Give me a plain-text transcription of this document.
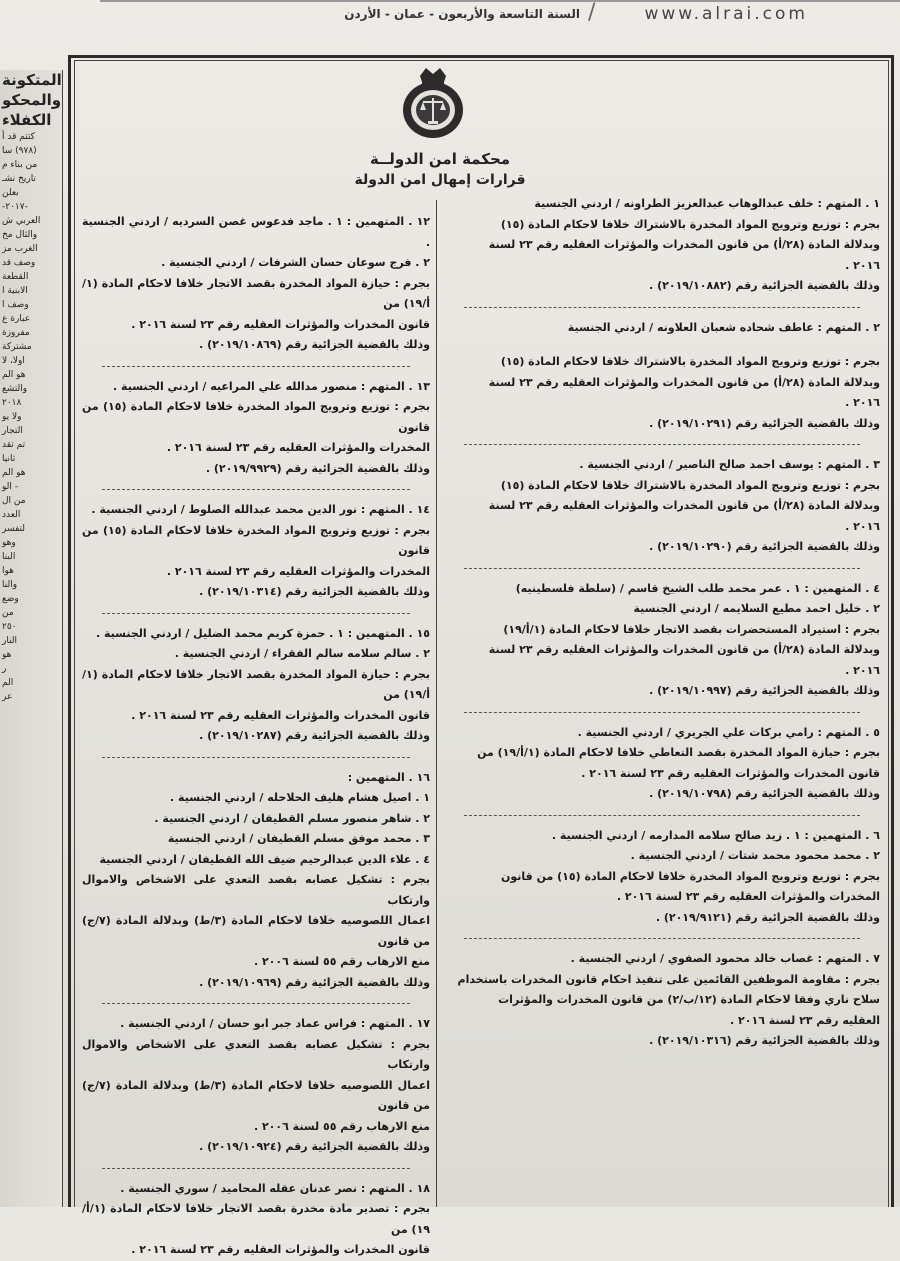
www.alrai.com
/
السنة التاسعة والأربعون - عمان - الأردن
المتكونة
والمحكو
الكفلاء
كتتم قد أ
(٩٧٨) سا
من بناء م
تاريخ نشـ
بعلن
-٢٠١٧-
العربي ش
والثال مخ
الغرب مز
وصف قد
القطعة
الابنية ا
وصف ا
عبارة ع
مفروزة
مشتركة
اولا، لا
هو الم
والتشع
٢٠١٨
ولا يو
التجار
تم تقد
ثانيا
هو الم
- الو
من ال
العدد
لتفسر
وهو
البنا
هوا
والنا
وضع
من
٢٥٠
النار
هو
ر
الم
عر
محكمة امن الدولــة
قرارات إمهال امن الدولة

١ . المتهم : خلف عبدالوهاب عبدالعزيز الطراونه / اردني الجنسية

بجرم : توزيع وترويج المواد المخدرة بالاشتراك خلافا لاحكام المادة (١٥)

وبدلالة المادة (٢٨/أ) من قانون المخدرات والمؤثرات العقليه رقم ٢٣ لسنة

٢٠١٦ .

وذلك بالقضية الجزائية رقم (٢٠١٩/١٠٨٨٢) .

٢ . المتهم : عاطف شحاده شعبان العلاونه / اردني الجنسية

بجرم : توزيع وترويج المواد المخدرة بالاشتراك خلافا لاحكام المادة (١٥)

وبدلالة المادة (٢٨/أ) من قانون المخدرات والمؤثرات العقليه رقم ٢٣ لسنة

٢٠١٦ .

وذلك بالقضية الجزائية رقم (٢٠١٩/١٠٢٩١) .

٣ . المتهم : يوسف احمد صالح الناصير / اردني الجنسية .

بجرم : توزيع وترويج المواد المخدرة بالاشتراك خلافا لاحكام المادة (١٥)

وبدلالة المادة (٢٨/أ) من قانون المخدرات والمؤثرات العقليه رقم ٢٣ لسنة

٢٠١٦ .

وذلك بالقضية الجزائية رقم (٢٠١٩/١٠٢٩٠) .

٤ . المتهمين : ١ . عمر محمد طلب الشيخ قاسم / (سلطة فلسطينيه)

٢ . خليل احمد مطيع السلايمه / اردني الجنسية

بجرم : استيراد المستحضرات بقصد الاتجار خلافا لاحكام المادة (١/أ/١٩)

وبدلالة المادة (٢٨/أ) من قانون المخدرات والمؤثرات العقليه رقم ٢٣ لسنة

٢٠١٦ .

وذلك بالقضية الجزائية رقم (٢٠١٩/١٠٩٩٧) .

٥ . المتهم : رامي بركات علي الجريري / اردني الجنسية .

بجرم : حيازة المواد المخدرة بقصد التعاطي خلافا لاحكام المادة (١/أ/١٩) من

قانون المخدرات والمؤثرات العقليه رقم ٢٣ لسنة ٢٠١٦ .

وذلك بالقضية الجزائية رقم (٢٠١٩/١٠٧٩٨) .

٦ . المتهمين : ١ . زيد صالح سلامه المدارمه / اردني الجنسية .

٢ . محمد محمود محمد شتات / اردني الجنسية .

بجرم : توزيع وترويج المواد المخدرة خلافا لاحكام المادة (١٥) من قانون

المخدرات والمؤثرات العقليه رقم ٢٣ لسنة ٢٠١٦ .

وذلك بالقضية الجزائية رقم (٢٠١٩/٩١٢١) .

٧ . المتهم : غصاب خالد محمود الصفوي / اردني الجنسية .

بجرم : مقاومة الموظفين القائمين على تنفيذ احكام قانون المخدرات باستخدام

سلاح ناري وفقا لاحكام المادة (١٢/ب/٢) من قانون المخدرات والمؤثرات

العقليه رقم ٢٣ لسنة ٢٠١٦ .

وذلك بالقضية الجزائية رقم (٢٠١٩/١٠٣١٦) .

١٢ . المتهمين : ١ . ماجد فدعوس غصن السرديه / اردني الجنسية .

٢ . فرج سوعان حسان الشرفات / اردني الجنسية .

بجرم : حيازة المواد المخدرة بقصد الاتجار خلافا لاحكام المادة (١/أ/١٩) من

قانون المخدرات والمؤثرات العقليه رقم ٢٣ لسنة ٢٠١٦ .

وذلك بالقضية الجزائية رقم (٢٠١٩/١٠٨٦٩) .

١٣ . المتهم : منصور مدالله علي المراعيه / اردني الجنسية .

بجرم : توزيع وترويج المواد المخدرة خلافا لاحكام المادة (١٥) من قانون

المخدرات والمؤثرات العقليه رقم ٢٣ لسنة ٢٠١٦ .

وذلك بالقضية الجزائية رقم (٢٠١٩/٩٩٢٩) .

١٤ . المتهم : نور الدين محمد عبدالله الصلوط / اردني الجنسية .

بجرم : توزيع وترويج المواد المخدرة خلافا لاحكام المادة (١٥) من قانون

المخدرات والمؤثرات العقليه رقم ٢٣ لسنة ٢٠١٦ .

وذلك بالقضية الجزائية رقم (٢٠١٩/١٠٣١٤) .

١٥ . المتهمين : ١ . حمزة كريم محمد الضليل / اردني الجنسية .

٢ . سالم سلامه سالم الفقراء / اردني الجنسية .

بجرم : حيازة المواد المخدرة بقصد الاتجار خلافا لاحكام المادة (١/أ/١٩) من

قانون المخدرات والمؤثرات العقليه رقم ٢٣ لسنة ٢٠١٦ .

وذلك بالقضية الجزائية رقم (٢٠١٩/١٠٢٨٧) .

١٦ . المتهمين :

١ . اصيل هشام هليف الحلاحله / اردني الجنسية .

٢ . شاهر منصور مسلم القطيفان / اردني الجنسية .

٣ . محمد موفق مسلم القطيفان / اردني الجنسية

٤ . علاء الدين عبدالرحيم ضيف الله القطيفان / اردني الجنسية

بجرم : تشكيل عصابه بقصد التعدي على الاشخاص والاموال وارتكاب

اعمال اللصوصيه خلافا لاحكام المادة (٣/ط) وبدلالة المادة (٧/ج) من قانون

منع الارهاب رقم ٥٥ لسنة ٢٠٠٦ .

وذلك بالقضية الجزائية رقم (٢٠١٩/١٠٩٦٩) .

١٧ . المتهم : فراس عماد جبر ابو حسان / اردني الجنسية .

بجرم : تشكيل عصابه بقصد التعدي على الاشخاص والاموال وارتكاب

اعمال اللصوصيه خلافا لاحكام المادة (٣/ط) وبدلالة المادة (٧/ج) من قانون

منع الارهاب رقم ٥٥ لسنة ٢٠٠٦ .

وذلك بالقضية الجزائية رقم (٢٠١٩/١٠٩٢٤) .

١٨ . المتهم : نصر عدنان عقله المحاميد / سوري الجنسية .

بجرم : تصدير مادة مخدرة بقصد الاتجار خلافا لاحكام المادة (١/أ/١٩) من

قانون المخدرات والمؤثرات العقليه رقم ٢٣ لسنة ٢٠١٦ .
